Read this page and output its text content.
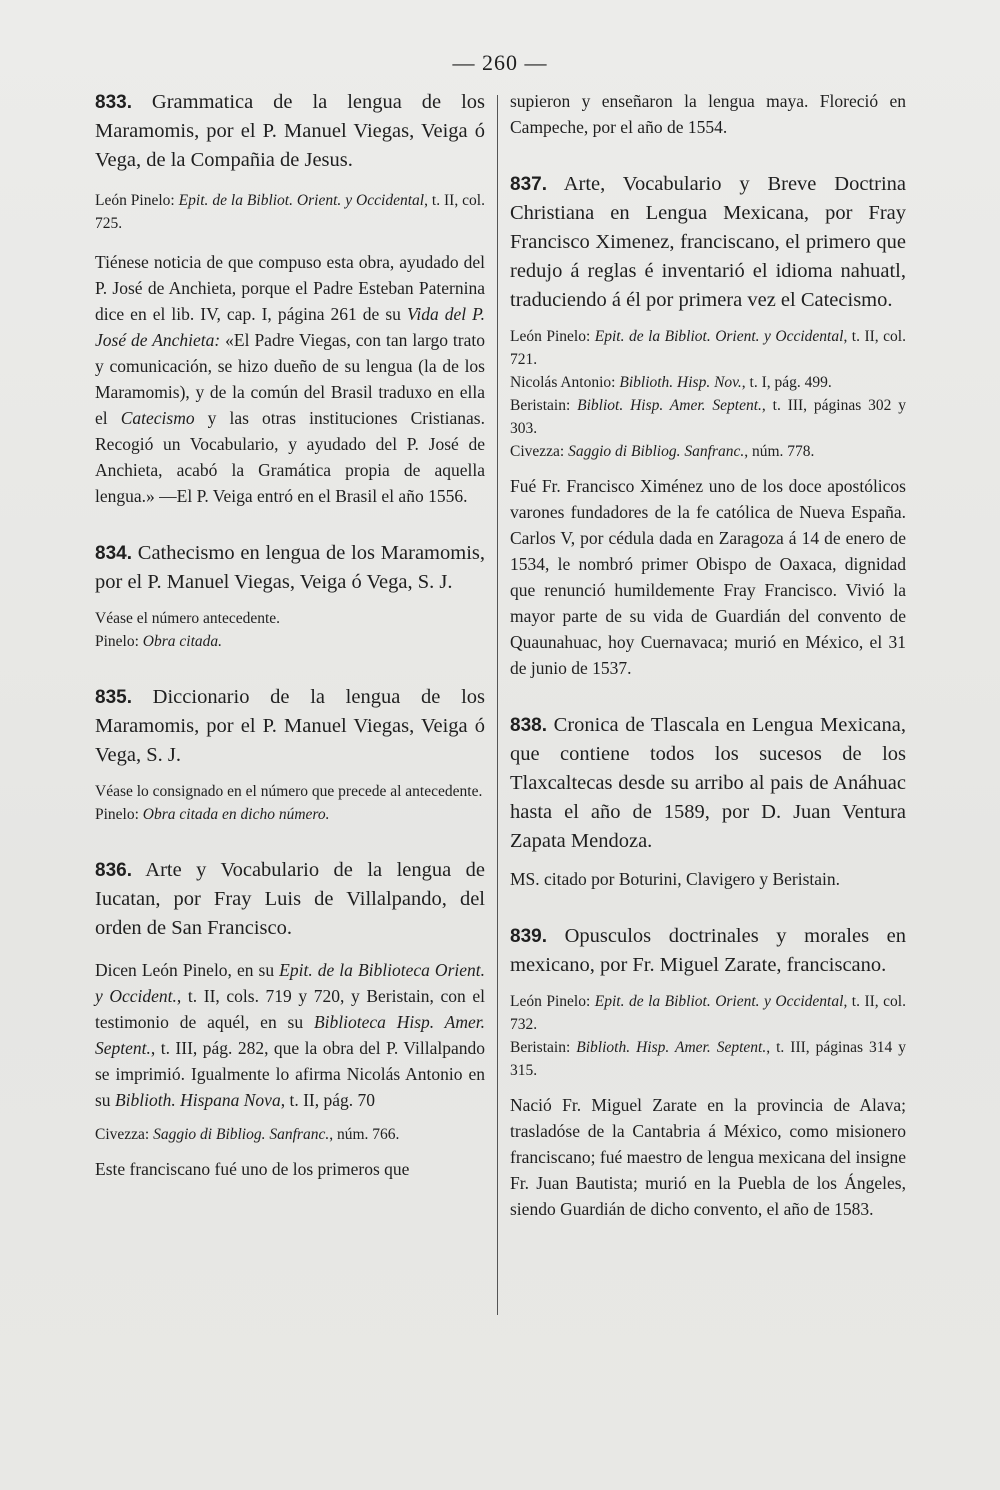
— 260 —

833. Grammatica de la lengua de los Maramomis, por el P. Manuel Viegas, Veiga ó Vega, de la Compañia de Jesus.

León Pinelo: Epit. de la Bibliot. Orient. y Occidental, t. II, col. 725.

Tiénese noticia de que compuso esta obra, ayudado del P. José de Anchieta, porque el Padre Esteban Paternina dice en el lib. IV, cap. I, página 261 de su Vida del P. José de Anchieta: «El Padre Viegas, con tan largo trato y comunicación, se hizo dueño de su lengua (la de los Maramomis), y de la común del Brasil traduxo en ella el Catecismo y las otras instituciones Cristianas. Recogió un Vocabulario, y ayudado del P. José de Anchieta, acabó la Gramática propia de aquella lengua.» —El P. Veiga entró en el Brasil el año 1556.

834. Cathecismo en lengua de los Maramomis, por el P. Manuel Viegas, Veiga ó Vega, S. J.

Véase el número antecedente.

Pinelo: Obra citada.

835. Diccionario de la lengua de los Maramomis, por el P. Manuel Viegas, Veiga ó Vega, S. J.

Véase lo consignado en el número que precede al antecedente.

Pinelo: Obra citada en dicho número.

836. Arte y Vocabulario de la lengua de Iucatan, por Fray Luis de Villalpando, del orden de San Francisco.

Dicen León Pinelo, en su Epit. de la Biblioteca Orient. y Occident., t. II, cols. 719 y 720, y Beristain, con el testimonio de aquél, en su Biblioteca Hisp. Amer. Septent., t. III, pág. 282, que la obra del P. Villalpando se imprimió. Igualmente lo afirma Nicolás Antonio en su Biblioth. Hispana Nova, t. II, pág. 70

Civezza: Saggio di Bibliog. Sanfranc., núm. 766.

Este franciscano fué uno de los primeros que

supieron y enseñaron la lengua maya. Floreció en Campeche, por el año de 1554.

837. Arte, Vocabulario y Breve Doctrina Christiana en Lengua Mexicana, por Fray Francisco Ximenez, franciscano, el primero que redujo á reglas é inventarió el idioma nahuatl, traduciendo á él por primera vez el Catecismo.

León Pinelo: Epit. de la Bibliot. Orient. y Occidental, t. II, col. 721.

Nicolás Antonio: Biblioth. Hisp. Nov., t. I, pág. 499.

Beristain: Bibliot. Hisp. Amer. Septent., t. III, páginas 302 y 303.

Civezza: Saggio di Bibliog. Sanfranc., núm. 778.

Fué Fr. Francisco Ximénez uno de los doce apostólicos varones fundadores de la fe católica de Nueva España. Carlos V, por cédula dada en Zaragoza á 14 de enero de 1534, le nombró primer Obispo de Oaxaca, dignidad que renunció humildemente Fray Francisco. Vivió la mayor parte de su vida de Guardián del convento de Quaunahuac, hoy Cuernavaca; murió en México, el 31 de junio de 1537.

838. Cronica de Tlascala en Lengua Mexicana, que contiene todos los sucesos de los Tlaxcaltecas desde su arribo al pais de Anáhuac hasta el año de 1589, por D. Juan Ventura Zapata Mendoza.

MS. citado por Boturini, Clavigero y Beristain.

839. Opusculos doctrinales y morales en mexicano, por Fr. Miguel Zarate, franciscano.

León Pinelo: Epit. de la Bibliot. Orient. y Occidental, t. II, col. 732.

Beristain: Biblioth. Hisp. Amer. Septent., t. III, páginas 314 y 315.

Nació Fr. Miguel Zarate en la provincia de Alava; trasladóse de la Cantabria á México, como misionero franciscano; fué maestro de lengua mexicana del insigne Fr. Juan Bautista; murió en la Puebla de los Ángeles, siendo Guardián de dicho convento, el año de 1583.
